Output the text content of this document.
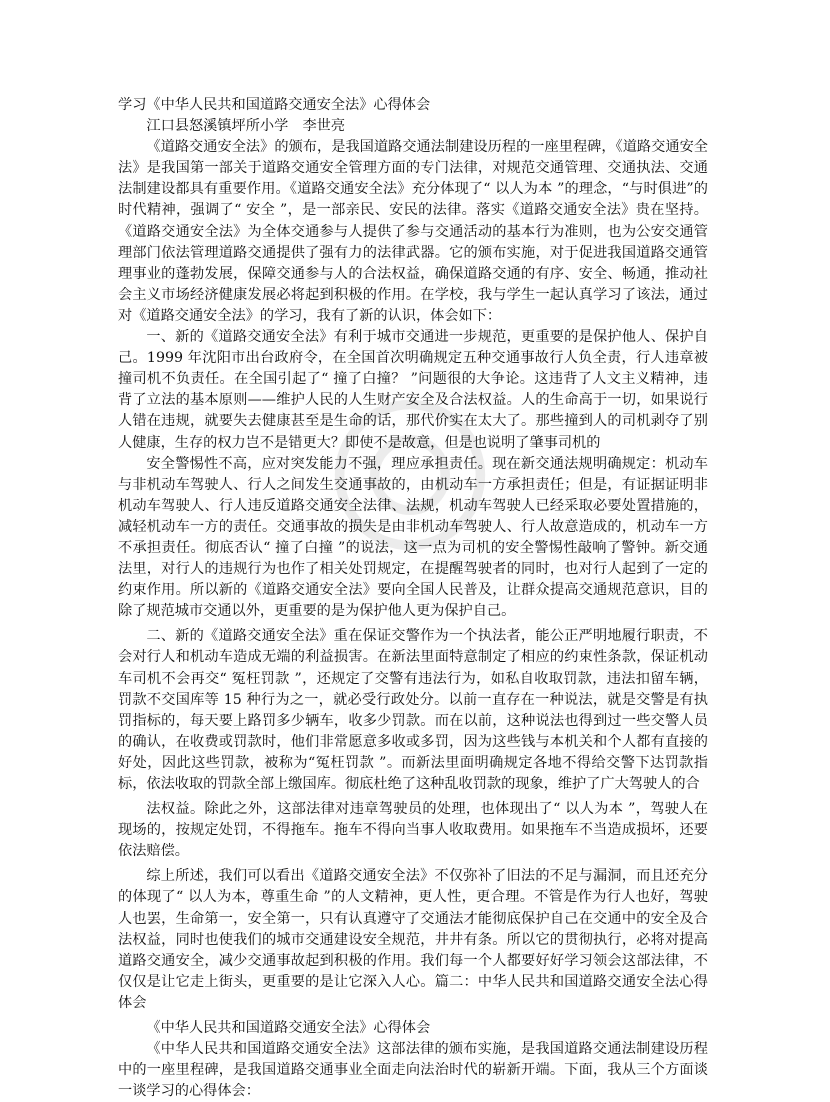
学习《中华人民共和国道路交通安全法》心得体会

江口县怒溪镇坪所小学　李世亮

《道路交通安全法》的颁布，是我国道路交通法制建设历程的一座里程碑，《道路交通安全法》是我国第一部关于道路交通安全管理方面的专门法律，对规范交通管理、交通执法、交通法制建设都具有重要作用。《道路交通安全法》充分体现了“ 以人为本 ”的理念，“与时俱进”的时代精神，强调了“ 安全 ”，是一部亲民、安民的法律。落实《道路交通安全法》贵在坚持。《道路交通安全法》为全体交通参与人提供了参与交通活动的基本行为准则，也为公安交通管理部门依法管理道路交通提供了强有力的法律武器。它的颁布实施，对于促进我国道路交通管理事业的蓬勃发展，保障交通参与人的合法权益，确保道路交通的有序、安全、畅通，推动社会主义市场经济健康发展必将起到积极的作用。在学校，我与学生一起认真学习了该法，通过对《道路交通安全法》的学习，我有了新的认识，体会如下：

一、新的《道路交通安全法》有利于城市交通进一步规范，更重要的是保护他人、保护自己。1999 年沈阳市出台政府令，在全国首次明确规定五种交通事故行人负全责，行人违章被撞司机不负责任。在全国引起了“ 撞了白撞？ ”问题很的大争论。这违背了人文主义精神，违背了立法的基本原则——维护人民的人生财产安全及合法权益。人的生命高于一切，如果说行人错在违规，就要失去健康甚至是生命的话，那代价实在太大了。那些撞到人的司机剥夺了别人健康，生存的权力岂不是错更大？即使不是故意，但是也说明了肇事司机的

安全警惕性不高，应对突发能力不强，理应承担责任。现在新交通法规明确规定：机动车与非机动车驾驶人、行人之间发生交通事故的，由机动车一方承担责任；但是，有证据证明非机动车驾驶人、行人违反道路交通安全法律、法规，机动车驾驶人已经采取必要处置措施的，减轻机动车一方的责任。交通事故的损失是由非机动车驾驶人、行人故意造成的，机动车一方不承担责任。彻底否认“ 撞了白撞 ”的说法，这一点为司机的安全警惕性敲响了警钟。新交通法里，对行人的违规行为也作了相关处罚规定，在提醒驾驶者的同时，也对行人起到了一定的约束作用。所以新的《道路交通安全法》要向全国人民普及，让群众提高交通规范意识，目的除了规范城市交通以外，更重要的是为保护他人更为保护自己。

二、新的《道路交通安全法》重在保证交警作为一个执法者，能公正严明地履行职责，不会对行人和机动车造成无端的利益损害。在新法里面特意制定了相应的约束性条款，保证机动车司机不会再交“ 冤枉罚款 ”，还规定了交警有违法行为，如私自收取罚款，违法扣留车辆，罚款不交国库等 15 种行为之一，就必受行政处分。以前一直存在一种说法，就是交警是有执罚指标的，每天要上路罚多少辆车，收多少罚款。而在以前，这种说法也得到过一些交警人员的确认，在收费或罚款时，他们非常愿意多收或多罚，因为这些钱与本机关和个人都有直接的好处，因此这些罚款，被称为“冤枉罚款 ”。而新法里面明确规定各地不得给交警下达罚款指标，依法收取的罚款全部上缴国库。彻底杜绝了这种乱收罚款的现象，维护了广大驾驶人的合

法权益。除此之外，这部法律对违章驾驶员的处理，也体现出了“ 以人为本 ”，驾驶人在现场的，按规定处罚，不得拖车。拖车不得向当事人收取费用。如果拖车不当造成损坏，还要依法赔偿。

综上所述，我们可以看出《道路交通安全法》不仅弥补了旧法的不足与漏洞，而且还充分的体现了“ 以人为本，尊重生命 ”的人文精神，更人性，更合理。不管是作为行人也好，驾驶人也罢，生命第一，安全第一，只有认真遵守了交通法才能彻底保护自己在交通中的安全及合法权益，同时也使我们的城市交通建设安全规范，井井有条。所以它的贯彻执行，必将对提高道路交通安全，减少交通事故起到积极的作用。我们每一个人都要好好学习领会这部法律，不仅仅是让它走上街头，更重要的是让它深入人心。篇二：中华人民共和国道路交通安全法心得体会

《中华人民共和国道路交通安全法》心得体会

《中华人民共和国道路交通安全法》这部法律的颁布实施，是我国道路交通法制建设历程中的一座里程碑，是我国道路交通事业全面走向法治时代的崭新开端。下面，我从三个方面谈一谈学习的心得体会：
